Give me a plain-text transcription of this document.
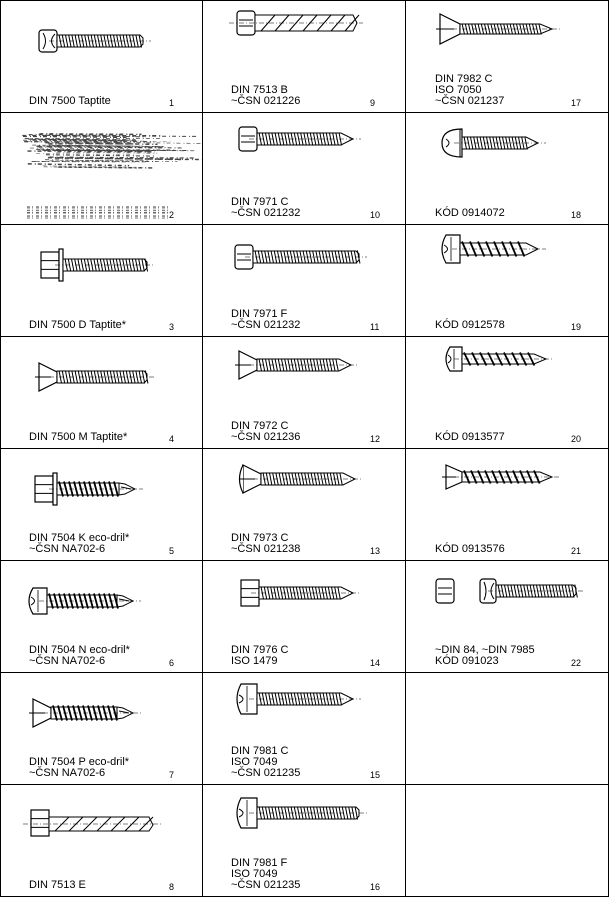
DIN 7500 Taptite	1
2
DIN 7500 D Taptite*	3
DIN 7500 M Taptite*	4
DIN 7504 K eco-dril*
~ČSN NA702-6	5
DIN 7504 N eco-dril*
~ČSN NA702-6	6
DIN 7504 P eco-dril*
~ČSN NA702-6	7
DIN 7513 E	8
DIN 7513 B
~ČSN 021226	9
DIN 7971 C
~ČSN 021232	10
DIN 7971 F
~ČSN 021232	11
DIN 7972 C
~ČSN 021236	12
DIN 7973 C
~ČSN 021238	13
DIN 7976 C
ISO 1479	14
DIN 7981 C
ISO 7049
~ČSN 021235	15
DIN 7981 F
ISO 7049
~ČSN 021235	16
DIN 7982 C
ISO 7050
~ČSN 021237	17
KÓD 0914072	18
KÓD 0912578	19
KÓD 0913577	20
KÓD 0913576	21
~DIN 84, ~DIN 7985
KÓD 091023	22
